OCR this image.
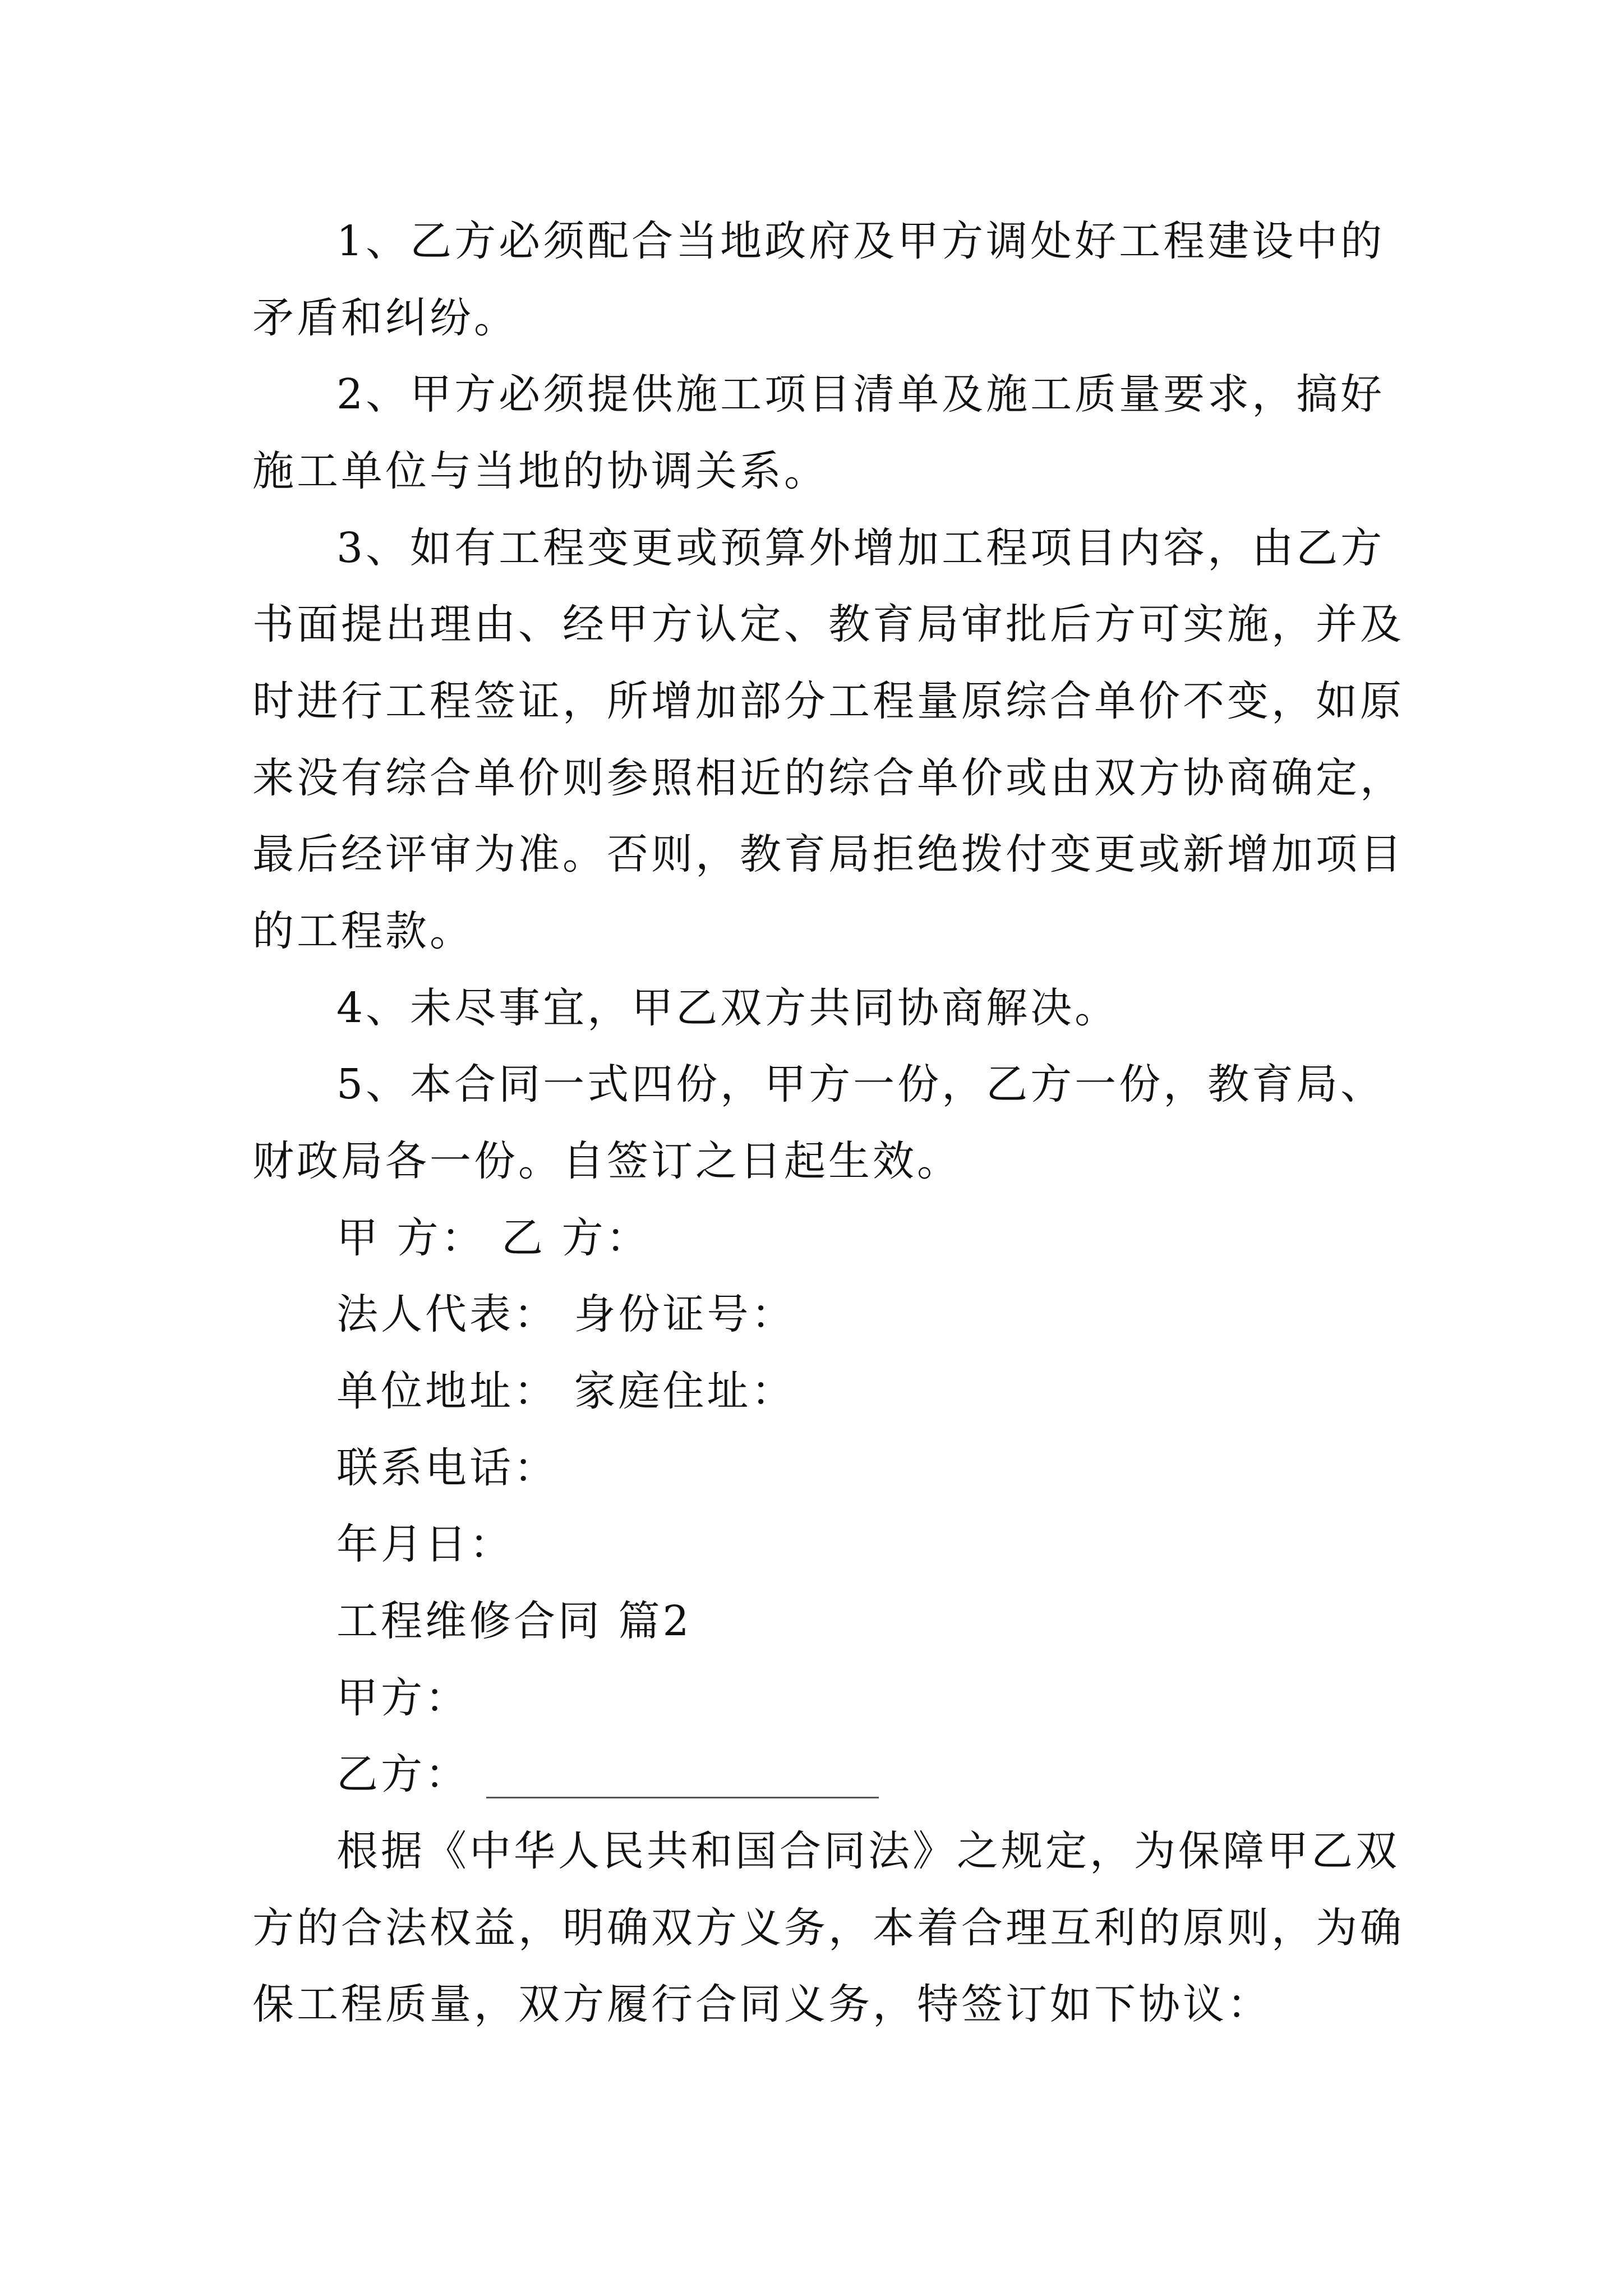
1、乙方必须配合当地政府及甲方调处好工程建设中的
矛盾和纠纷。
2、甲方必须提供施工项目清单及施工质量要求，搞好
施工单位与当地的协调关系。
3、如有工程变更或预算外增加工程项目内容，由乙方
书面提出理由、经甲方认定、教育局审批后方可实施，并及
时进行工程签证，所增加部分工程量原综合单价不变，如原
来没有综合单价则参照相近的综合单价或由双方协商确定，
最后经评审为准。否则，教育局拒绝拨付变更或新增加项目
的工程款。
4、未尽事宜，甲乙双方共同协商解决。
5、本合同一式四份，甲方一份，乙方一份，教育局、
财政局各一份。自签订之日起生效。
甲 方： 乙 方：
法人代表： 身份证号：
单位地址： 家庭住址：
联系电话：
年月日：
工程维修合同 篇2
甲方：
乙方：
根据《中华人民共和国合同法》之规定，为保障甲乙双
方的合法权益，明确双方义务，本着合理互利的原则，为确
保工程质量，双方履行合同义务，特签订如下协议：
